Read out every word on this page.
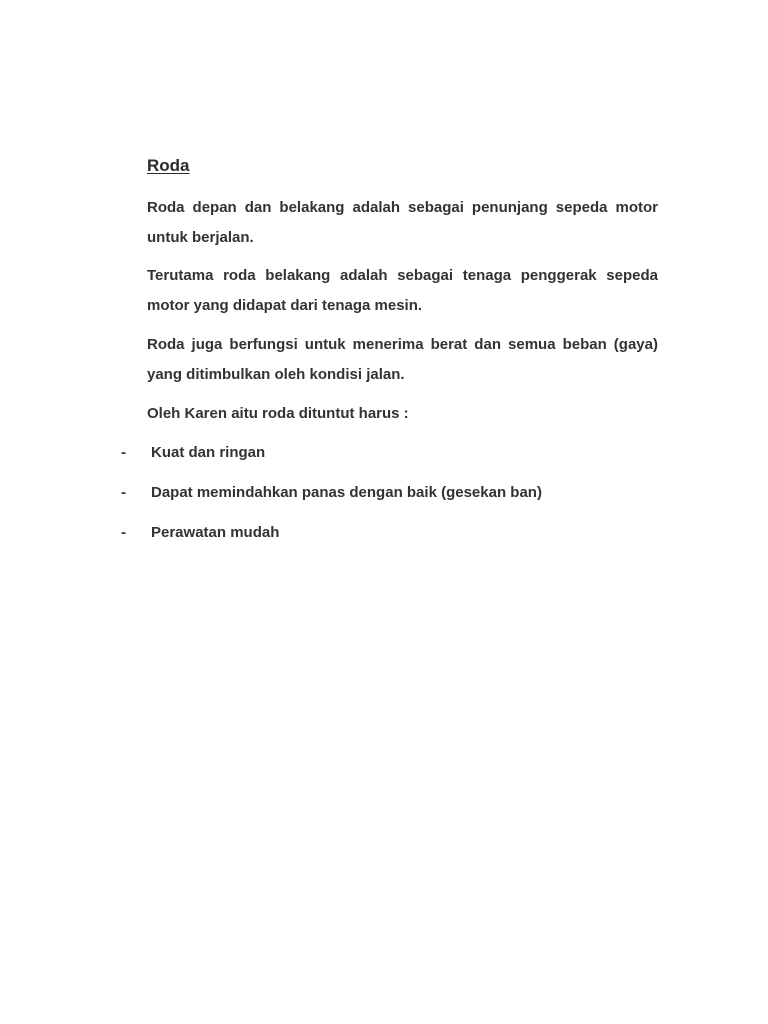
Roda

Roda depan dan belakang adalah sebagai penunjang sepeda motor untuk berjalan.

Terutama roda belakang adalah sebagai tenaga penggerak sepeda motor yang didapat dari tenaga mesin.

Roda juga berfungsi untuk menerima berat dan semua beban (gaya) yang ditimbulkan oleh kondisi jalan.

Oleh Karen aitu roda dituntut harus :

- Kuat dan ringan
- Dapat memindahkan panas dengan baik (gesekan ban)
- Perawatan mudah
